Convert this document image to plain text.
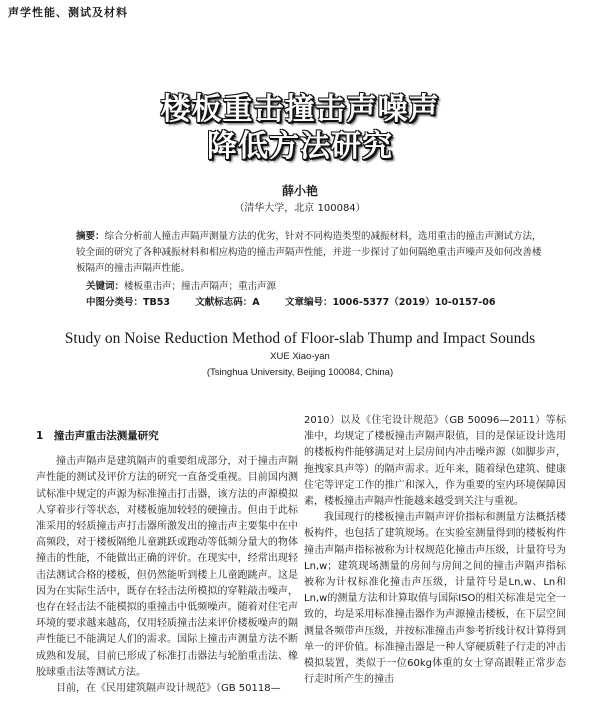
声学性能、测试及材料
楼板重击撞击声噪声
降低方法研究
薛小艳
（清华大学，北京 100084）
摘要：综合分析前人撞击声隔声测量方法的优劣，针对不同构造类型的减振材料，选用重击的撞击声测试方法，较全面的研究了各种减振材料和相应构造的撞击声隔声性能，并进一步探讨了如何隔绝重击声噪声及如何改善楼板隔声的撞击声隔声性能。
关键词：楼板重击声；撞击声隔声；重击声源
中图分类号：TB53	文献标志码：A	文章编号：1006-5377（2019）10-0157-06
Study on Noise Reduction Method of Floor-slab Thump and Impact Sounds
XUE Xiao-yan
(Tsinghua University, Beijing 100084, China)
1　撞击声重击法测量研究

撞击声隔声是建筑隔声的重要组成部分，对于撞击声隔声性能的测试及评价方法的研究一直备受重视。目前国内测试标准中规定的声源为标准撞击打击器，该方法的声源模拟人穿着步行等状态，对楼板施加较轻的硬撞击。但由于此标准采用的轻质撞击声打击器所激发出的撞击声主要集中在中高频段，对于楼板隔绝儿童跳跃或跑动等低频分量大的物体撞击的性能，不能做出正确的评价。在现实中，经常出现轻击法测试合格的楼板，但仍然能听到楼上儿童跑跳声。这是因为在实际生活中，既存在轻击法所模拟的穿鞋敲击噪声，也存在轻击法不能模拟的重撞击中低频噪声。随着对住宅声环境的要求越来越高，仅用轻质撞击法来评价楼板噪声的隔声性能已不能满足人们的需求。国际上撞击声测量方法不断成熟和发展，目前已形成了标准打击器法与轮胎重击法、橡胶球重击法等测试方法。

目前，在《民用建筑隔声设计规范》（GB 50118—

2010）以及《住宅设计规范》（GB 50096—2011）等标准中，均规定了楼板撞击声隔声限值，目的是保证设计选用的楼板构件能够满足对上层房间内冲击噪声源（如脚步声，拖拽家具声等）的隔声需求。近年来，随着绿色建筑、健康住宅等评定工作的推广和深入，作为重要的室内环境保障因素，楼板撞击声隔声性能越来越受到关注与重视。

我国现行的楼板撞击声隔声评价指标和测量方法概括楼板构件，也包括了建筑规场。在实验室测量得到的楼板构件撞击声隔声指标被称为计权规范化撞击声压级，计量符号为Ln,w；建筑现场测量的房间与房间之间的撞击声隔声指标被称为计权标准化撞击声压级，计量符号是Ln,w、Ln和Ln,w的测量方法和计算取值与国际ISO的相关标准是完全一致的，均是采用标准撞击器作为声源撞击楼板，在下层空间测量各频带声压级，并按标准撞击声参考折线计权计算得到单一的评价值。标准撞击器是一种人穿硬质鞋子行走的冲击模拟装置，类似于一位60kg体重的女士穿高跟鞋正常步态行走时所产生的撞击
